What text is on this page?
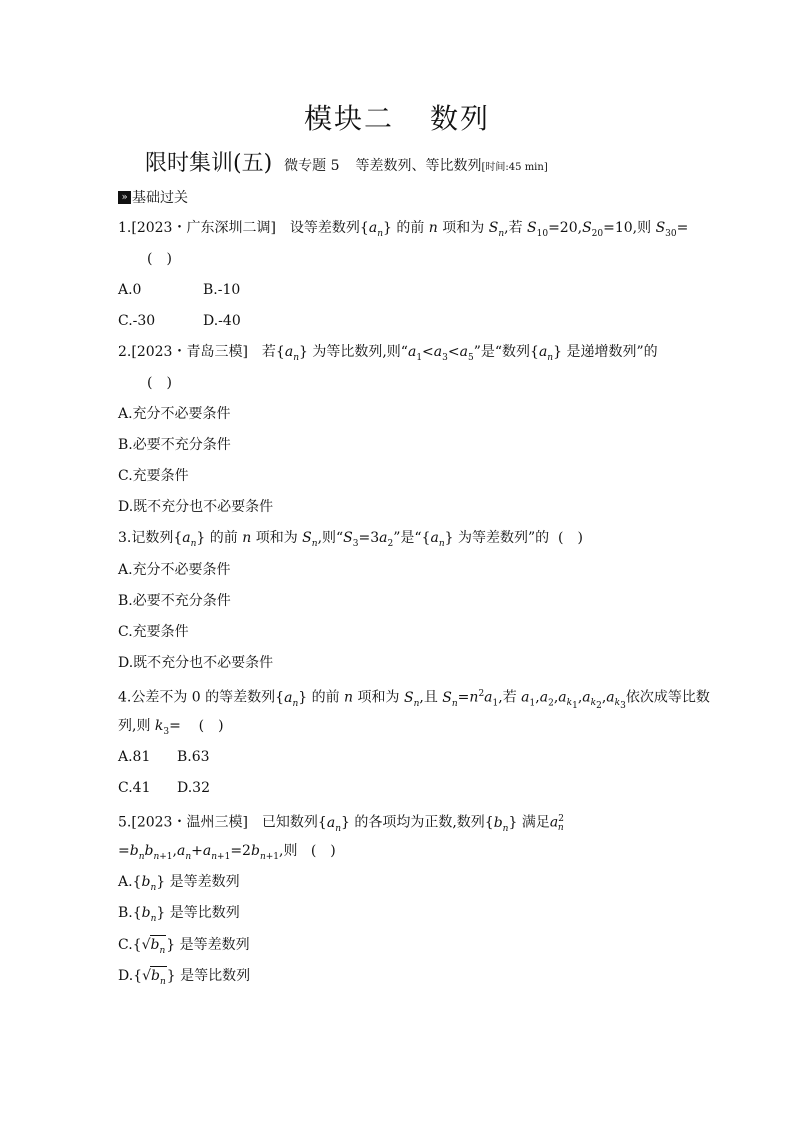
模块二 数列
限时集训(五) 微专题 5 等差数列、等比数列[时间:45 min]
» 基础过关
1.[2023・广东深圳二调]　设等差数列$\{a_n\}$ 的前 n 项和为 $S_n$,若 $S_{10}=20,S_{20}=10$,则 $S_{30}=$
(　)
A.0	B.-10
C.-30	D.-40
2.[2023・青岛三模]　若$\{a_n\}$ 为等比数列,则“$a_1<a_3<a_5$”是“数列$\{a_n\}$ 是递增数列”的
(　)
A.充分不必要条件
B.必要不充分条件
C.充要条件
D.既不充分也不必要条件
3.记数列$\{a_n\}$ 的前 n 项和为 $S_n$,则“$S_3=3a_2$”是“$\{a_n\}$ 为等差数列”的 (　)
A.充分不必要条件
B.必要不充分条件
C.充要条件
D.既不充分也不必要条件
4.公差不为 0 的等差数列$\{a_n\}$ 的前 n 项和为 $S_n$,且 $S_n=n^2a_1$,若 $a_1,a_2,a_{k_1},a_{k_2},a_{k_3}$依次成等比数
列,则 $k_3=$    (　)
A.81 B.63
C.41 D.32
5.[2023・温州三模]　已知数列$\{a_n\}$ 的各项均为正数,数列$\{b_n\}$ 满足$a^2_n$
$=b_nb_{n+1},a_n+a_{n+1}=2b_{n+1}$,则 (　)
$A.\{b_n\}$ 是等差数列
$B.\{b_n\}$ 是等比数列
$C.\{√b_n\}$ 是等差数列
$D.\{√b_n\}$ 是等比数列
